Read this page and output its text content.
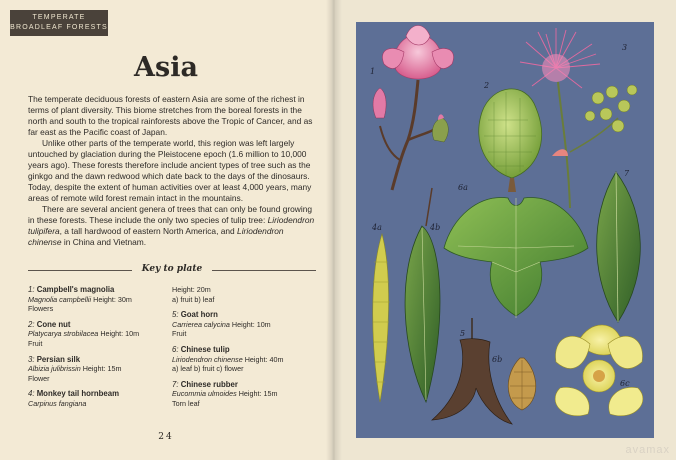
TEMPERATE
BROADLEAF FORESTS
Asia

The temperate deciduous forests of eastern Asia are some of the richest in terms of plant diversity. This biome stretches from the boreal forests in the north and south to the tropical rainforests above the Tropic of Cancer, and as far east as the Pacific coast of Japan.

Unlike other parts of the temperate world, this region was left largely untouched by glaciation during the Pleistocene epoch (1.6 million to 10,000 years ago). These forests therefore include ancient types of tree such as the ginkgo and the dawn redwood which date back to the days of the dinosaurs. Today, despite the extent of human activities over at least 4,000 years, many areas of remote wild forest remain intact in the mountains.

There are several ancient genera of trees that can only be found growing in these forests. These include the only two species of tulip tree: Liriodendron tulipifera, a tall hardwood of eastern North America, and Liriodendron chinense in China and Vietnam.

Key to plate
1: Campbell's magnolia
Magnolia campbellii Height: 30m
Flowers
2: Cone nut
Platycarya strobilacea Height: 10m
Fruit
3: Persian silk
Albizia julibrissin Height: 15m
Flower
4: Monkey tail hornbeam
Carpinus fangiana
Height: 20m
a) fruit b) leaf
5: Goat horn
Carrierea calycina Height: 10m
Fruit
6: Chinese tulip
Liriodendron chinense Height: 40m
a) leaf b) fruit c) flower
7: Chinese rubber
Eucommia ulmoides Height: 15m
Torn leaf
24
avamax
1
2
3
4a	4b
5
6a
6b
6c
7
